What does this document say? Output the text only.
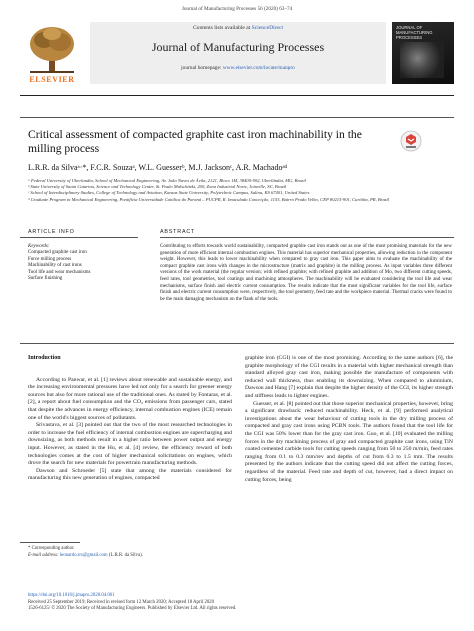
Journal of Manufacturing Processes 56 (2020) 63–74
ELSEVIER
Contents lists available at ScienceDirect
Journal of Manufacturing Processes
journal homepage: www.elsevier.com/locate/manpro
JOURNAL OF MANUFACTURING PROCESSES
Critical assessment of compacted graphite cast iron machinability in the milling process
L.R.R. da Silvaᵃ·*, F.C.R. Souzaᵃ, W.L. Guesserᵇ, M.J. Jacksonᶜ, A.R. Machadoᵃᵈ
ᵃ Federal University of Uberlandia, School of Mechanical Engineering, Av. João Naves de Ávila, 2121, Bloco 1M, 38400-902, Uberlândia, MG, Brazil
ᵇ State University of Santa Catarina, Science and Technology Center, St. Paulo Malschitzki, 200, Zona Industrial Norte, Joinville, SC, Brazil
ᶜ School of Interdisciplinary Studies, College of Technology and Aviation, Kansas State University, Polytechnic Campus, Salina, KS 67401, United States
ᵈ Graduate Program in Mechanical Engineering, Pontifícia Universidade Católica do Paraná – PUCPR, R. Imaculada Conceição, 1155, Bairro Prado Velho, CEP 80215-901, Curitiba, PR, Brazil
ARTICLE INFO	ABSTRACT
Keywords:
Compacted graphite cast iron
Force milling process
Machinability of cast irons
Tool life and wear mechanisms
Surface finishing
Contributing to efforts towards world sustainability, compacted graphite cast iron stands out as one of the most promising materials for the new generation of more efficient internal combustion engines. This material has superior mechanical properties, allowing reduction in the component weight. However, this leads to lower machinability when compared to gray cast iron. This paper aims to evaluate the machinability of the compact graphite cast irons with changes in the microstructure (matrix and graphite) in the milling process. As input variables three different versions of the work material (the regular version; with refined graphite; with refined graphite and addition of Mo, two different cutting speeds, feed rates, tool geometries, tool coatings and machining atmospheres. The machinability will be evaluated considering the tool life and wear mechanisms, surface finish and electric current consumption. The results indicate that the most significant variables for the tool life, surface finish and electric current consumption were, respectively, the tool geometry, feed rate and the workpiece material. Thermal cracks were found to be the main damaging mechanism on the flank of the tools.
Introduction

According to Panwar, et al. [1] reviews about renewable and sustainable energy, and the increasing environmental pressures have led not only for a search for greener energy sources but also for more rational use of the traditional ones. As stated by Fontaras, et al. [2], a report about fuel consumption and the CO₂ emissions from passenger cars, stated that despite the advances in energy efficiency, internal combustion engines (ICE) remain one of the world's biggest sources of pollutants.

Srivastava, et al. [3] pointed out that the two of the most researched technologies in order to increase the fuel efficiency of internal combustion engines are supercharging and downsizing, as both methods result in a higher ratio between power output and energy input. However, as stated in the Hu, et al. [4] review, the efficiency reward of both technologies comes at the cost of higher mechanical solicitations on engines, which drove the search for new materials for powertrain manufacturing methods.

Dawson and Schroeder [5] state that among the materials considered for manufacturing this new generation of engines, compacted

graphite iron (CGI) is one of the most promising. According to the same authors [6], the graphite morphology of the CGI results in a material with higher mechanical strength than standard alloyed gray cast iron, making possible the manufacture of components with reduced wall thickness, thus enabling its downsizing. When compared to aluminium, Dawson and Hang [7] explain that despite the higher density of the CGI, its higher strength and stiffness leads to lighter engines.

Guesser, et al. [8] pointed out that those superior mechanical properties, however, bring a significant drawback: reduced machinability. Heck, et al. [9] performed analytical investigations about the wear behaviour of cutting tools in the dry milling process of compacted and gray cast irons using PCBN tools. The authors found that the tool life for the CGI was 50% lower than for the gray cast iron. Guo, et al. [10] evaluated the milling forces in the dry machining process of gray and compacted graphite cast irons, using TiN coated cemented carbide tools for cutting speeds ranging from 50 to 250 m/min, feed rates ranging from 0.1 to 0.3 mm/rev and depths of cut from 0.3 to 1.5 mm. The results presented by the authors indicate that the cutting speed did not affect the cutting forces, regardless of the material. Feed rate and depth of cut, however, had a direct impact on cutting forces, being

* Corresponding author.
E-mail address: leonardo.rrs@gmail.com (L.R.R. da Silva).
https://doi.org/10.1016/j.jmapro.2020.04.061
Received 25 September 2019; Received in revised form 12 March 2020; Accepted 18 April 2020
1526-6125/ © 2020 The Society of Manufacturing Engineers. Published by Elsevier Ltd. All rights reserved.
